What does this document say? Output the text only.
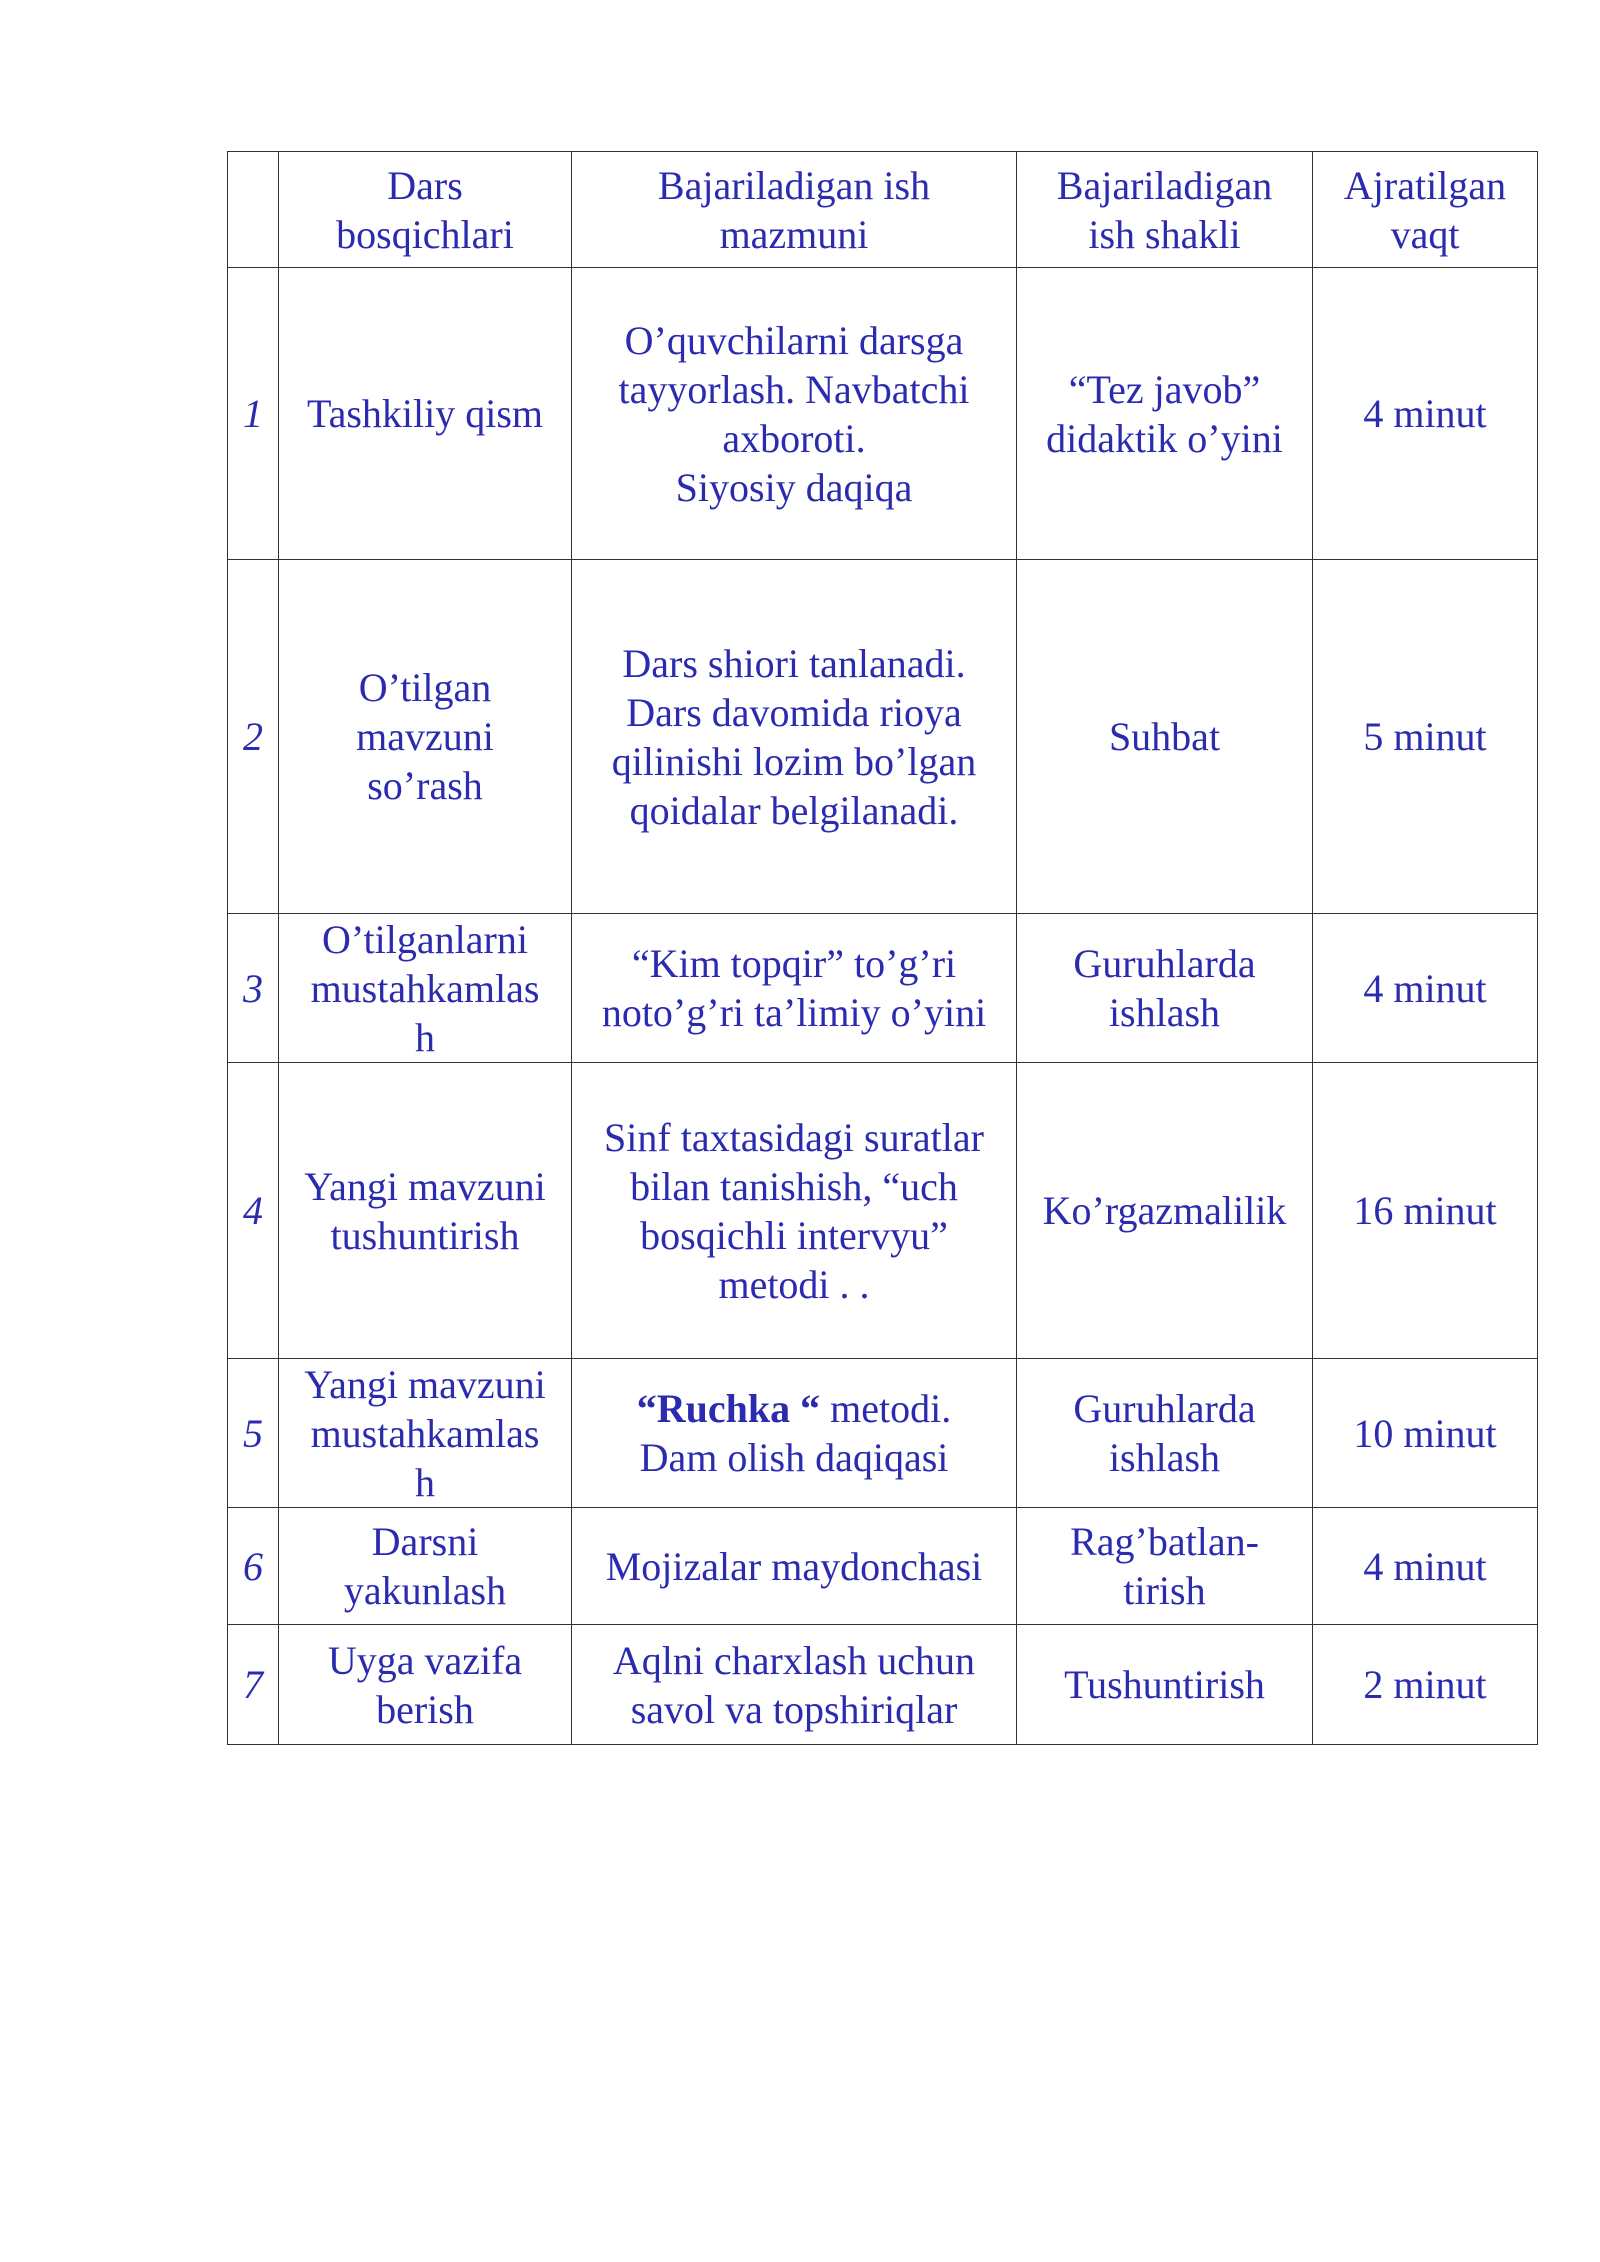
	Dars
bosqichlari	Bajariladigan ish
mazmuni	Bajariladigan
ish shakli	Ajratilgan
vaqt

1	Tashkiliy qism	O’quvchilarni darsga
tayyorlash. Navbatchi
axboroti.
Siyosiy daqiqa	“Tez javob”
didaktik o’yini	4 minut
2	O’tilgan
mavzuni
so’rash	Dars shiori tanlanadi.
Dars davomida rioya
qilinishi lozim bo’lgan
qoidalar belgilanadi.	Suhbat	5 minut
3	O’tilganlarni
mustahkamlas
h	“Kim topqir” to’g’ri
noto’g’ri ta’limiy o’yini	Guruhlarda
ishlash	4 minut
4	Yangi mavzuni
tushuntirish	Sinf taxtasidagi suratlar
bilan tanishish, “uch
bosqichli intervyu”
metodi . .	Ko’rgazmalilik	16 minut
5	Yangi mavzuni
mustahkamlas
h	“Ruchka “ metodi.
Dam olish daqiqasi	Guruhlarda
ishlash	10 minut
6	Darsni
yakunlash	Mojizalar maydonchasi	Rag’batlan-
tirish	4 minut
7	Uyga vazifa
berish	Aqlni charxlash uchun
savol va topshiriqlar	Tushuntirish	2 minut
